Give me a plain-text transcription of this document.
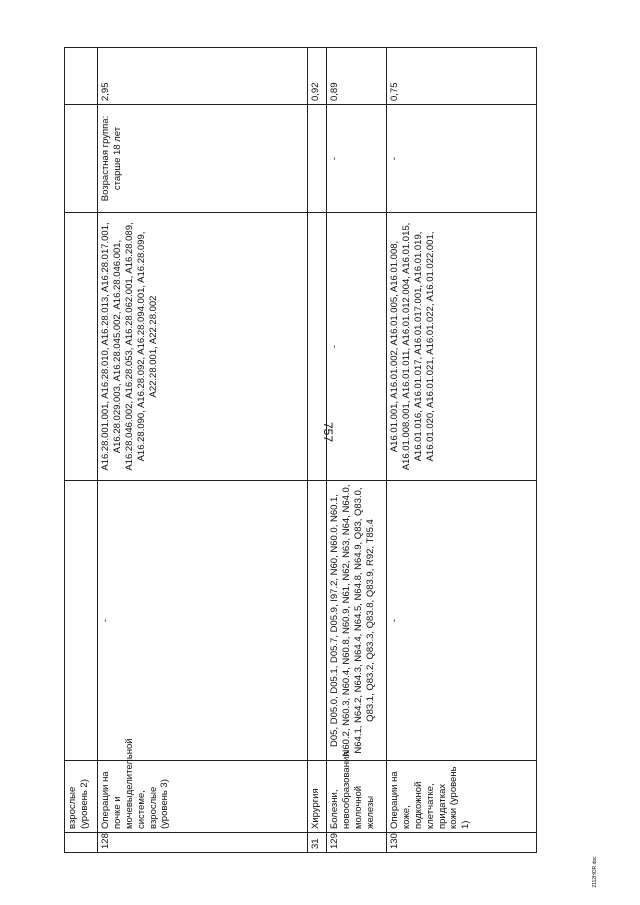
757
2112HOR.doc
	взрослые (уровень 2)				
128	Операции на почке и мочевыделительной системе, взрослые (уровень 3)	-	A16.28.001.001, A16.28.010, A16.28.013, A16.28.017.001, A16.28.029.003, A16.28.045.002, A16.28.046.001, A16.28.046.002, A16.28.053, A16.28.062.001, A16.28.089, A16.28.090, A16.28.092, A16.28.094.001, A16.28.099, A22.28.001, A22.28.002	Возрастная группа: старше 18 лет	2,95
31	Хирургия				0,92
129	Болезни, новообразования молочной железы	D05, D05.0, D05.1, D05.7, D05.9, I97.2, N60, N60.0, N60.1, N60.2, N60.3, N60.4, N60.8, N60.9, N61, N62, N63, N64, N64.0, N64.1, N64.2, N64.3, N64.4, N64.5, N64.8, N64.9, Q83, Q83.0, Q83.1, Q83.2, Q83.3, Q83.8, Q83.9, R92, T85.4	-	-	0,89
130	Операции на коже, подкожной клетчатке, придатках кожи (уровень 1)	-	A16.01.001, A16.01.002, A16.01.005, A16.01.008, A16.01.008.001, A16.01.011, A16.01.012.004, A16.01.015, A16.01.016, A16.01.017, A16.01.017.001, A16.01.019, A16.01.020, A16.01.021, A16.01.022, A16.01.022.001,	-	0,75
